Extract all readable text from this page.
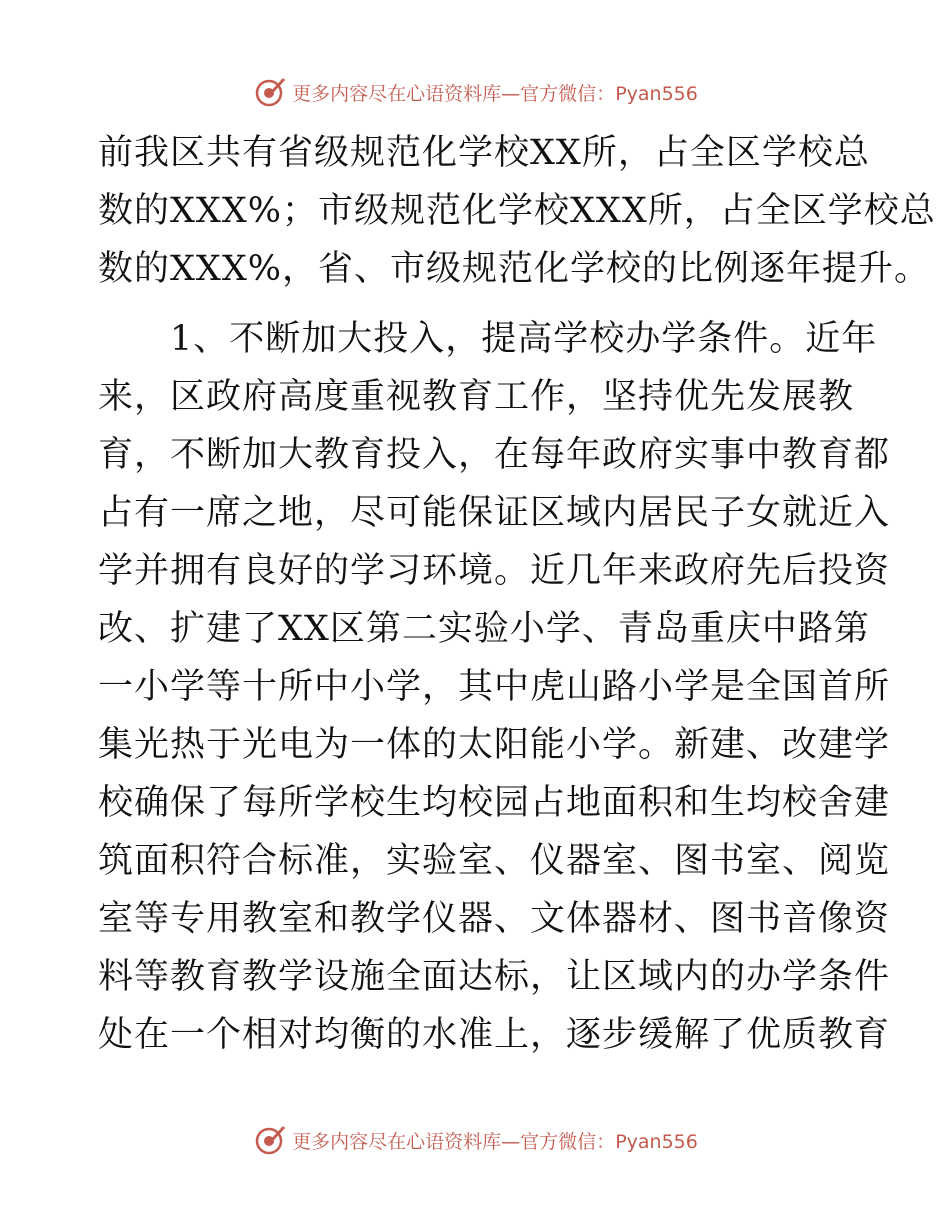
更多内容尽在心语资料库—官方微信：Pyan556
前我区共有省级规范化学校XX所，占全区学校总
数的XXX%；市级规范化学校XXX所，占全区学校总
数的XXX%，省、市级规范化学校的比例逐年提升。
　　1、不断加大投入，提高学校办学条件。近年
来，区政府高度重视教育工作，坚持优先发展教
育，不断加大教育投入，在每年政府实事中教育都
占有一席之地，尽可能保证区域内居民子女就近入
学并拥有良好的学习环境。近几年来政府先后投资
改、扩建了XX区第二实验小学、青岛重庆中路第
一小学等十所中小学，其中虎山路小学是全国首所
集光热于光电为一体的太阳能小学。新建、改建学
校确保了每所学校生均校园占地面积和生均校舍建
筑面积符合标准，实验室、仪器室、图书室、阅览
室等专用教室和教学仪器、文体器材、图书音像资
料等教育教学设施全面达标，让区域内的办学条件
处在一个相对均衡的水准上，逐步缓解了优质教育
更多内容尽在心语资料库—官方微信：Pyan556
